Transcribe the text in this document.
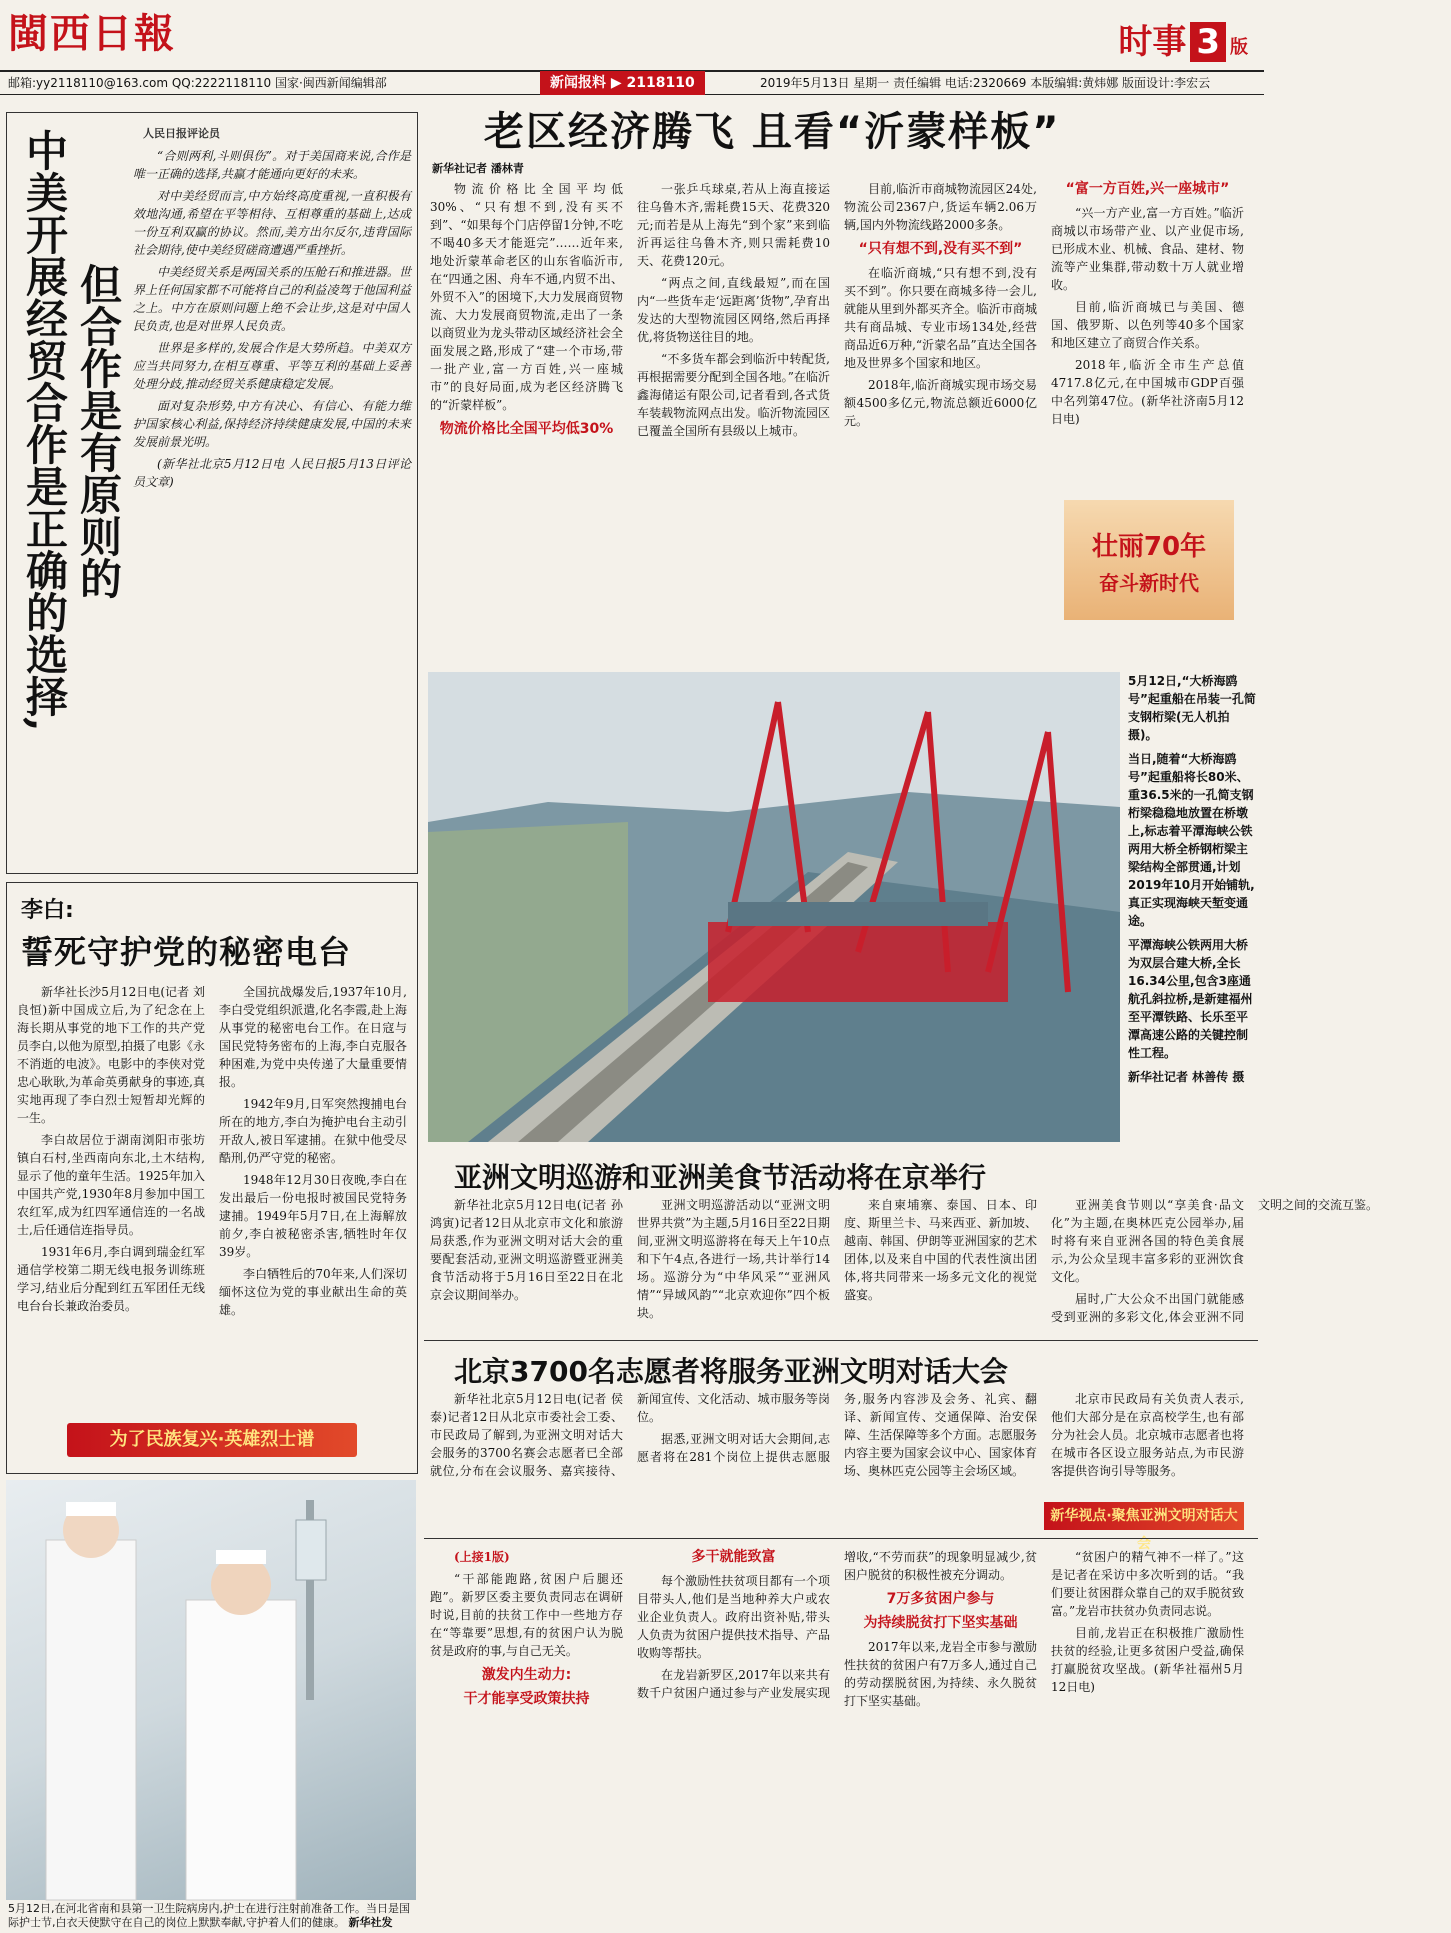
閩西日報	时事 3 版
邮箱:yy2118110@163.com QQ:2222118110 国家·闽西新闻编辑部	新闻报料 ▶ 2118110	2019年5月13日 星期一 责任编辑 电话:2320669 本版编辑:黄炜娜 版面设计:李宏云
中美开展经贸合作是正确的选择, 但合作是有原则的
人民日报评论员

“合则两利,斗则俱伤”。对于美国商来说,合作是唯一正确的选择,共赢才能通向更好的未来。

对中美经贸而言,中方始终高度重视,一直积极有效地沟通,希望在平等相待、互相尊重的基础上,达成一份互利双赢的协议。然而,美方出尔反尔,违背国际社会期待,使中美经贸磋商遭遇严重挫折。

中美经贸关系是两国关系的压舱石和推进器。世界上任何国家都不可能将自己的利益凌驾于他国利益之上。中方在原则问题上绝不会让步,这是对中国人民负责,也是对世界人民负责。

世界是多样的,发展合作是大势所趋。中美双方应当共同努力,在相互尊重、平等互利的基础上妥善处理分歧,推动经贸关系健康稳定发展。

面对复杂形势,中方有决心、有信心、有能力维护国家核心利益,保持经济持续健康发展,中国的未来发展前景光明。

(新华社北京5月12日电 人民日报5月13日评论员文章)

李白:
誓死守护党的秘密电台

新华社长沙5月12日电(记者 刘良恒)新中国成立后,为了纪念在上海长期从事党的地下工作的共产党员李白,以他为原型,拍摄了电影《永不消逝的电波》。电影中的李侠对党忠心耿耿,为革命英勇献身的事迹,真实地再现了李白烈士短暂却光辉的一生。

李白故居位于湖南浏阳市张坊镇白石村,坐西南向东北,土木结构,显示了他的童年生活。1925年加入中国共产党,1930年8月参加中国工农红军,成为红四军通信连的一名战士,后任通信连指导员。

1931年6月,李白调到瑞金红军通信学校第二期无线电报务训练班学习,结业后分配到红五军团任无线电台台长兼政治委员。

全国抗战爆发后,1937年10月,李白受党组织派遣,化名李霞,赴上海从事党的秘密电台工作。在日寇与国民党特务密布的上海,李白克服各种困难,为党中央传递了大量重要情报。

1942年9月,日军突然搜捕电台所在的地方,李白为掩护电台主动引开敌人,被日军逮捕。在狱中他受尽酷刑,仍严守党的秘密。

1948年12月30日夜晚,李白在发出最后一份电报时被国民党特务逮捕。1949年5月7日,在上海解放前夕,李白被秘密杀害,牺牲时年仅39岁。

李白牺牲后的70年来,人们深切缅怀这位为党的事业献出生命的英雄。

为了民族复兴·英雄烈士谱
5月12日,在河北省南和县第一卫生院病房内,护士在进行注射前准备工作。当日是国际护士节,白衣天使默守在自己的岗位上默默奉献,守护着人们的健康。 新华社发
老区经济腾飞 且看“沂蒙样板”
新华社记者 潘林青

物流价格比全国平均低30%、“只有想不到,没有买不到”、“如果每个门店停留1分钟,不吃不喝40多天才能逛完”……近年来,地处沂蒙革命老区的山东省临沂市,在“四通之困、舟车不通,内贸不出、外贸不入”的困境下,大力发展商贸物流、大力发展商贸物流,走出了一条以商贸业为龙头带动区域经济社会全面发展之路,形成了“建一个市场,带一批产业,富一方百姓,兴一座城市”的良好局面,成为老区经济腾飞的“沂蒙样板”。

物流价格比全国平均低30%

一张乒乓球桌,若从上海直接运往乌鲁木齐,需耗费15天、花费320元;而若是从上海先“到个家”来到临沂再运往乌鲁木齐,则只需耗费10天、花费120元。

“两点之间,直线最短”,而在国内“一些货车走‘远距离’货物”,孕育出发达的大型物流园区网络,然后再择优,将货物送往目的地。

“不多货车都会到临沂中转配货,再根据需要分配到全国各地。”在临沂鑫海储运有限公司,记者看到,各式货车装载物流网点出发。临沂物流园区已覆盖全国所有县级以上城市。

目前,临沂市商城物流园区24处,物流公司2367户,货运车辆2.06万辆,国内外物流线路2000多条。

“只有想不到,没有买不到”

在临沂商城,“只有想不到,没有买不到”。你只要在商城多待一会儿,就能从里到外都买齐全。临沂市商城共有商品城、专业市场134处,经营商品近6万种,“沂蒙名品”直达全国各地及世界多个国家和地区。

2018年,临沂商城实现市场交易额4500多亿元,物流总额近6000亿元。

“富一方百姓,兴一座城市”

“兴一方产业,富一方百姓。”临沂商城以市场带产业、以产业促市场,已形成木业、机械、食品、建材、物流等产业集群,带动数十万人就业增收。

目前,临沂商城已与美国、德国、俄罗斯、以色列等40多个国家和地区建立了商贸合作关系。

2018年,临沂全市生产总值4717.8亿元,在中国城市GDP百强中名列第47位。(新华社济南5月12日电)

壮丽70年
奋斗新时代

5月12日,“大桥海鸥号”起重船在吊装一孔简支钢桁梁(无人机拍摄)。

当日,随着“大桥海鸥号”起重船将长80米、重36.5米的一孔简支钢桁梁稳稳地放置在桥墩上,标志着平潭海峡公铁两用大桥全桥钢桁梁主梁结构全部贯通,计划2019年10月开始铺轨,真正实现海峡天堑变通途。

平潭海峡公铁两用大桥为双层合建大桥,全长16.34公里,包含3座通航孔斜拉桥,是新建福州至平潭铁路、长乐至平潭高速公路的关键控制性工程。

新华社记者 林善传 摄

亚洲文明巡游和亚洲美食节活动将在京举行

新华社北京5月12日电(记者 孙鸿寅)记者12日从北京市文化和旅游局获悉,作为亚洲文明对话大会的重要配套活动,亚洲文明巡游暨亚洲美食节活动将于5月16日至22日在北京会议期间举办。

亚洲文明巡游活动以“亚洲文明 世界共赏”为主题,5月16日至22日期间,亚洲文明巡游将在每天上午10点和下午4点,各进行一场,共计举行14场。巡游分为“中华风采”“亚洲风情”“异域风韵”“北京欢迎你”四个板块。

来自柬埔寨、泰国、日本、印度、斯里兰卡、马来西亚、新加坡、越南、韩国、伊朗等亚洲国家的艺术团体,以及来自中国的代表性演出团体,将共同带来一场多元文化的视觉盛宴。

亚洲美食节则以“享美食·品文化”为主题,在奥林匹克公园举办,届时将有来自亚洲各国的特色美食展示,为公众呈现丰富多彩的亚洲饮食文化。

届时,广大公众不出国门就能感受到亚洲的多彩文化,体会亚洲不同文明之间的交流互鉴。

北京3700名志愿者将服务亚洲文明对话大会

新华社北京5月12日电(记者 侯泰)记者12日从北京市委社会工委、市民政局了解到,为亚洲文明对话大会服务的3700名赛会志愿者已全部就位,分布在会议服务、嘉宾接待、新闻宣传、文化活动、城市服务等岗位。

据悉,亚洲文明对话大会期间,志愿者将在281个岗位上提供志愿服务,服务内容涉及会务、礼宾、翻译、新闻宣传、交通保障、治安保障、生活保障等多个方面。志愿服务内容主要为国家会议中心、国家体育场、奥林匹克公园等主会场区域。

北京市民政局有关负责人表示,他们大部分是在京高校学生,也有部分为社会人员。北京城市志愿者也将在城市各区设立服务站点,为市民游客提供咨询引导等服务。

新华视点·聚焦亚洲文明对话大会

(上接1版)

“干部能跑路,贫困户后腿还跑”。新罗区委主要负责同志在调研时说,目前的扶贫工作中一些地方存在“等靠要”思想,有的贫困户认为脱贫是政府的事,与自己无关。

激发内生动力:
干才能享受政策扶持
多干就能致富

每个激励性扶贫项目都有一个项目带头人,他们是当地种养大户或农业企业负责人。政府出资补贴,带头人负责为贫困户提供技术指导、产品收购等帮扶。

在龙岩新罗区,2017年以来共有数千户贫困户通过参与产业发展实现增收,“不劳而获”的现象明显减少,贫困户脱贫的积极性被充分调动。

7万多贫困户参与
为持续脱贫打下坚实基础

2017年以来,龙岩全市参与激励性扶贫的贫困户有7万多人,通过自己的劳动摆脱贫困,为持续、永久脱贫打下坚实基础。

“贫困户的精气神不一样了。”这是记者在采访中多次听到的话。“我们要让贫困群众靠自己的双手脱贫致富。”龙岩市扶贫办负责同志说。

目前,龙岩正在积极推广激励性扶贫的经验,让更多贫困户受益,确保打赢脱贫攻坚战。(新华社福州5月12日电)
